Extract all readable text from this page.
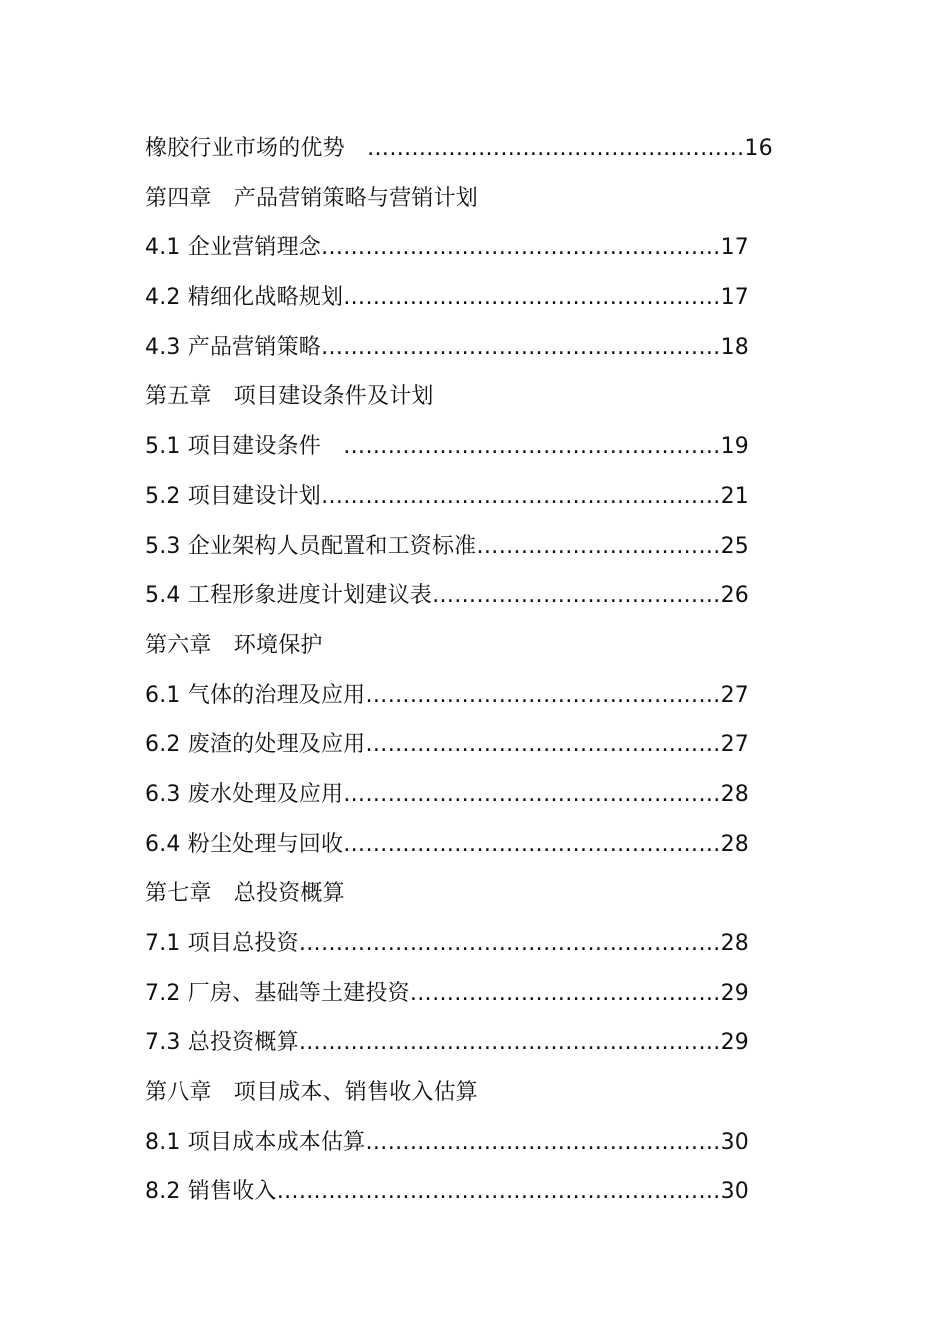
橡胶行业市场的优势　……………………………………………16
第四章　产品营销策略与营销计划
4.1 企业营销理念………………………………………………17
4.2 精细化战略规划……………………………………………17
4.3 产品营销策略………………………………………………18
第五章　项目建设条件及计划
5.1 项目建设条件　……………………………………………19
5.2 项目建设计划………………………………………………21
5.3 企业架构人员配置和工资标准……………………………25
5.4 工程形象进度计划建议表…………………………………26
第六章　环境保护
6.1 气体的治理及应用…………………………………………27
6.2 废渣的处理及应用…………………………………………27
6.3 废水处理及应用……………………………………………28
6.4 粉尘处理与回收……………………………………………28
第七章　总投资概算
7.1 项目总投资…………………………………………………28
7.2 厂房、基础等土建投资……………………………………29
7.3 总投资概算…………………………………………………29
第八章　项目成本、销售收入估算
8.1 项目成本成本估算…………………………………………30
8.2 销售收入……………………………………………………30
